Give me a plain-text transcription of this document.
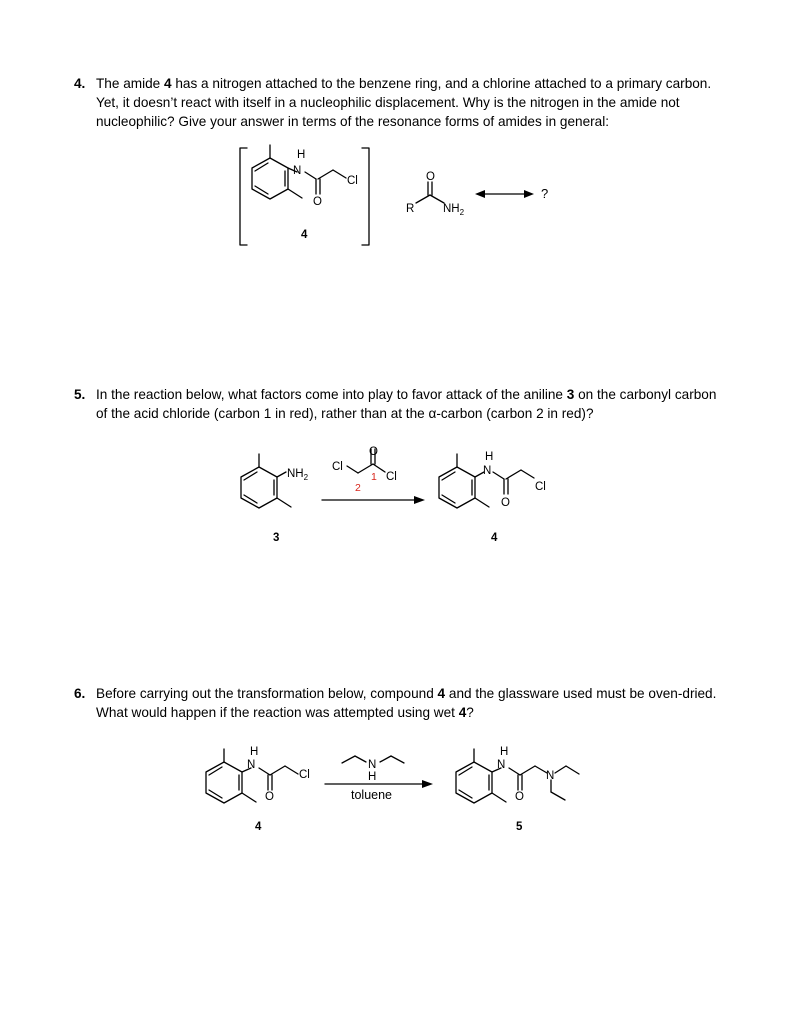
4. The amide 4 has a nitrogen attached to the benzene ring, and a chlorine attached to a primary carbon. Yet, it doesn’t react with itself in a nucleophilic displacement. Why is the nitrogen in the amide not nucleophilic? Give your answer in terms of the resonance forms of amides in general:
5. In the reaction below, what factors come into play to favor attack of the aniline 3 on the carbonyl carbon of the acid chloride (carbon 1 in red), rather than at the α-carbon (carbon 2 in red)?
6. Before carrying out the transformation below, compound 4 and the glassware used must be oven-dried. What would happen if the reaction was attempted using wet 4?
H
N
O
Cl
4
O
R $NH_2$
?
$NH_2$
3
Cl
O
Cl
2
1
H
N
O
Cl
4
H
N
O
Cl
4
N
H
toluene
H
N
O
N
5
